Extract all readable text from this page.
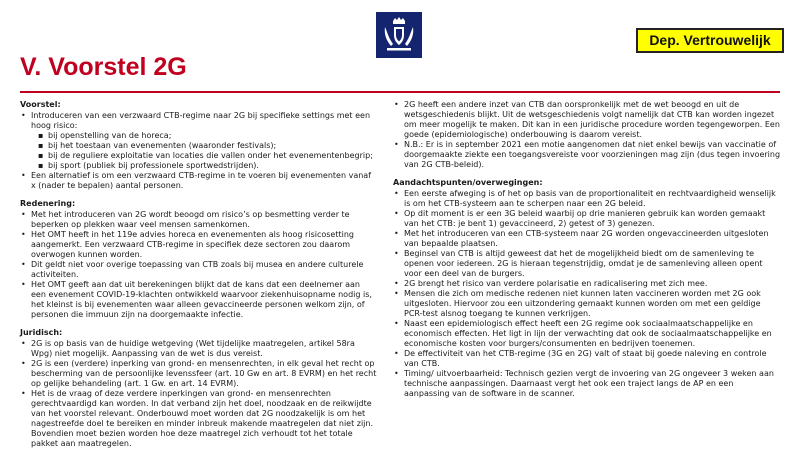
Dep. Vertrouwelijk
V. Voorstel 2G
Voorstel:
• Introduceren van een verzwaard CTB-regime naar 2G bij specifieke settings met een hoog risico:
▪ bij openstelling van de horeca;
▪ bij het toestaan van evenementen (waaronder festivals);
▪ bij de reguliere exploitatie van locaties die vallen onder het evenementenbegrip;
▪ bij sport (publiek bij professionele sportwedstrijden).
• Een alternatief is om een verzwaard CTB-regime in te voeren bij evenementen vanaf x (nader te bepalen) aantal personen.
Redenering:
• Met het introduceren van 2G wordt beoogd om risico’s op besmetting verder te beperken op plekken waar veel mensen samenkomen.
• Het OMT heeft in het 119e advies horeca en evenementen als hoog risicosetting aangemerkt. Een verzwaard CTB-regime in specifiek deze sectoren zou daarom overwogen kunnen worden.
• Dit geldt niet voor overige toepassing van CTB zoals bij musea en andere culturele activiteiten.
• Het OMT geeft aan dat uit berekeningen blijkt dat de kans dat een deelnemer aan een evenement COVID-19-klachten ontwikkeld waarvoor ziekenhuisopname nodig is, het kleinst is bij evenementen waar alleen gevaccineerde personen welkom zijn, of personen die immuun zijn na doorgemaakte infectie.
Juridisch:
• 2G is op basis van de huidige wetgeving (Wet tijdelijke maatregelen, artikel 58ra Wpg) niet mogelijk. Aanpassing van de wet is dus vereist.
• 2G is een (verdere) inperking van grond- en mensenrechten, in elk geval het recht op bescherming van de persoonlijke levenssfeer (art. 10 Gw en art. 8 EVRM) en het recht op gelijke behandeling (art. 1 Gw. en art. 14 EVRM).
• Het is de vraag of deze verdere inperkingen van grond- en mensenrechten gerechtvaardigd kan worden. In dat verband zijn het doel, noodzaak en de reikwijdte van het voorstel relevant. Onderbouwd moet worden dat 2G noodzakelijk is om het nagestreefde doel te bereiken en minder inbreuk makende maatregelen dat niet zijn. Bovendien moet bezien worden hoe deze maatregel zich verhoudt tot het totale pakket aan maatregelen.
• 2G heeft een andere inzet van CTB dan oorspronkelijk met de wet beoogd en uit de wetsgeschiedenis blijkt. Uit de wetsgeschiedenis volgt namelijk dat CTB kan worden ingezet om meer mogelijk te maken. Dit kan in een juridische procedure worden tegengeworpen. Een goede (epidemiologische) onderbouwing is daarom vereist.
• N.B.: Er is in september 2021 een motie aangenomen dat niet enkel bewijs van vaccinatie of doorgemaakte ziekte een toegangsvereiste voor voorzieningen mag zijn (dus tegen invoering van 2G CTB-beleid).
Aandachtspunten/overwegingen:
• Een eerste afweging is of het op basis van de proportionaliteit en rechtvaardigheid wenselijk is om het CTB-systeem aan te scherpen naar een 2G beleid.
• Op dit moment is er een 3G beleid waarbij op drie manieren gebruik kan worden gemaakt van het CTB: je bent 1) gevaccineerd, 2) getest of 3) genezen.
• Met het introduceren van een CTB-systeem naar 2G worden ongevaccineerden uitgesloten van bepaalde plaatsen.
• Beginsel van CTB is altijd geweest dat het de mogelijkheid biedt om de samenleving te openen voor iedereen. 2G is hieraan tegenstrijdig, omdat je de samenleving alleen opent voor een deel van de burgers.
• 2G brengt het risico van verdere polarisatie en radicalisering met zich mee.
• Mensen die zich om medische redenen niet kunnen laten vaccineren worden met 2G ook uitgesloten. Hiervoor zou een uitzondering gemaakt kunnen worden om met een geldige PCR-test alsnog toegang te kunnen verkrijgen.
• Naast een epidemiologisch effect heeft een 2G regime ook sociaalmaatschappelijke en economisch effecten. Het ligt in lijn der verwachting dat ook de sociaalmaatschappelijke en economische kosten voor burgers/consumenten en bedrijven toenemen.
• De effectiviteit van het CTB-regime (3G en 2G) valt of staat bij goede naleving en controle van CTB.
• Timing/ uitvoerbaarheid: Technisch gezien vergt de invoering van 2G ongeveer 3 weken aan technische aanpassingen. Daarnaast vergt het ook een traject langs de AP en een aanpassing van de software in de scanner.
